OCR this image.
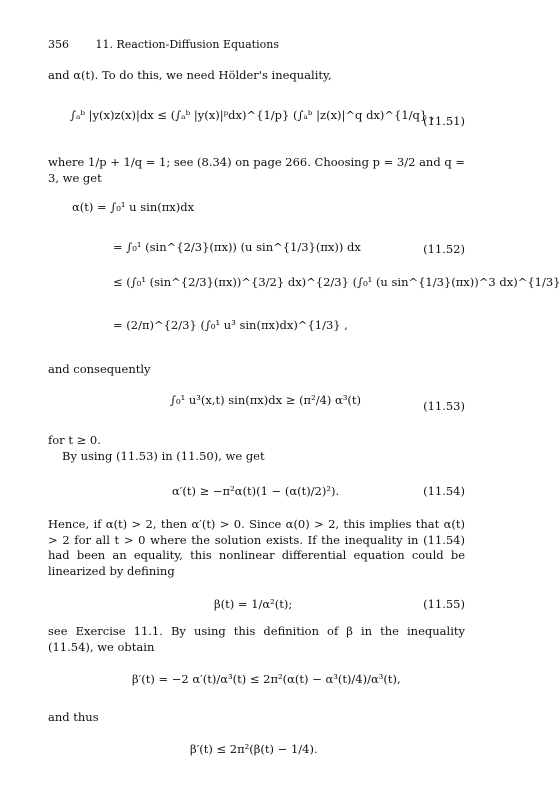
356 11. Reaction-Diffusion Equations
and α(t). To do this, we need Hölder's inequality,
∫ₐᵇ |y(x)z(x)|dx ≤ (∫ₐᵇ |y(x)|ᵖdx)^{1/p} (∫ₐᵇ |z(x)|^q dx)^{1/q} ,
(11.51)
where 1/p + 1/q = 1; see (8.34) on page 266. Choosing p = 3/2 and q = 3, we get
α(t) = ∫₀¹ u sin(πx)dx
= ∫₀¹ (sin^{2/3}(πx)) (u sin^{1/3}(πx)) dx	(11.52)
≤ (∫₀¹ (sin^{2/3}(πx))^{3/2} dx)^{2/3} (∫₀¹ (u sin^{1/3}(πx))^3 dx)^{1/3}
= (2/π)^{2/3} (∫₀¹ u³ sin(πx)dx)^{1/3} ,
and consequently
∫₀¹ u³(x,t) sin(πx)dx ≥ (π²/4) α³(t)	(11.53)
for t ≥ 0.
By using (11.53) in (11.50), we get
α′(t) ≥ −π²α(t)(1 − (α(t)/2)²).	(11.54)
Hence, if α(t) > 2, then α′(t) > 0. Since α(0) > 2, this implies that α(t) > 2 for all t > 0 where the solution exists. If the inequality in (11.54) had been an equality, this nonlinear differential equation could be linearized by defining
β(t) = 1/α²(t);	(11.55)
see Exercise 11.1. By using this definition of β in the inequality (11.54), we obtain
β′(t) = −2 α′(t)/α³(t) ≤ 2π²(α(t) − α³(t)/4)/α³(t),
and thus
β′(t) ≤ 2π²(β(t) − 1/4).
